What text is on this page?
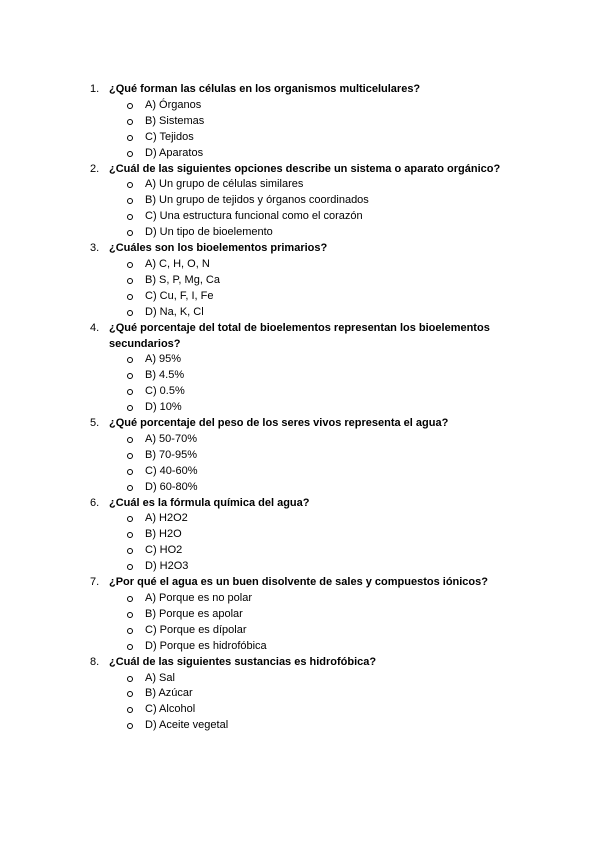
1. ¿Qué forman las células en los organismos multicelulares?
A) Órganos
B) Sistemas
C) Tejidos
D) Aparatos
2. ¿Cuál de las siguientes opciones describe un sistema o aparato orgánico?
A) Un grupo de células similares
B) Un grupo de tejidos y órganos coordinados
C) Una estructura funcional como el corazón
D) Un tipo de bioelemento
3. ¿Cuáles son los bioelementos primarios?
A) C, H, O, N
B) S, P, Mg, Ca
C) Cu, F, I, Fe
D) Na, K, Cl
4. ¿Qué porcentaje del total de bioelementos representan los bioelementos secundarios?
A) 95%
B) 4.5%
C) 0.5%
D) 10%
5. ¿Qué porcentaje del peso de los seres vivos representa el agua?
A) 50-70%
B) 70-95%
C) 40-60%
D) 60-80%
6. ¿Cuál es la fórmula química del agua?
A) H2O2
B) H2O
C) HO2
D) H2O3
7. ¿Por qué el agua es un buen disolvente de sales y compuestos iónicos?
A) Porque es no polar
B) Porque es apolar
C) Porque es dípolar
D) Porque es hidrofóbica
8. ¿Cuál de las siguientes sustancias es hidrofóbica?
A) Sal
B) Azúcar
C) Alcohol
D) Aceite vegetal
